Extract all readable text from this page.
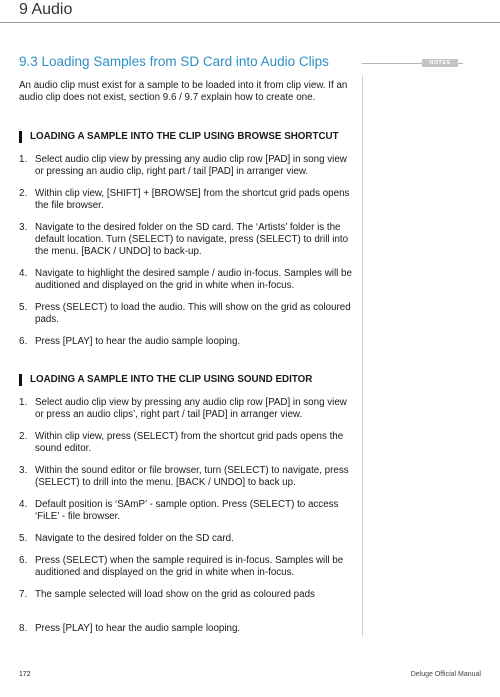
9 Audio
9.3 Loading Samples from SD Card into Audio Clips	NOTES

An audio clip must exist for a sample to be loaded into it from clip view. If an audio clip does not exist, section 9.6 / 9.7 explain how to create one.

LOADING A SAMPLE INTO THE CLIP USING BROWSE SHORTCUT
1. Select audio clip view by pressing any audio clip row [PAD] in song view or pressing an audio clip, right part / tail [PAD] in arranger view.
2. Within clip view, [SHIFT] + [BROWSE] from the shortcut grid pads opens the file browser.
3. Navigate to the desired folder on the SD card. The ‘Artists’ folder is the default location. Turn (SELECT) to navigate, press (SELECT) to drill into the menu. [BACK / UNDO] to back-up.
4. Navigate to highlight the desired sample / audio in-focus. Samples will be auditioned and displayed on the grid in white when in-focus.
5. Press (SELECT) to load the audio. This will show on the grid as coloured pads.
6. Press [PLAY] to hear the audio sample looping.
LOADING A SAMPLE INTO THE CLIP USING SOUND EDITOR
1. Select audio clip view by pressing any audio clip row [PAD] in song view or press an audio clips’, right part / tail [PAD] in arranger view.
2. Within clip view, press (SELECT) from the shortcut grid pads opens the sound editor.
3. Within the sound editor or file browser, turn (SELECT) to navigate, press (SELECT) to drill into the menu. [BACK / UNDO] to back up.
4. Default position is ‘SAmP’ - sample option. Press (SELECT) to access ‘FiLE’ - file browser.
5. Navigate to the desired folder on the SD card.
6. Press (SELECT) when the sample required is in-focus. Samples will be auditioned and displayed on the grid in white when in-focus.
7. The sample selected will load show on the grid as coloured pads
8. Press [PLAY] to hear the audio sample looping.
172	Deluge Official Manual
